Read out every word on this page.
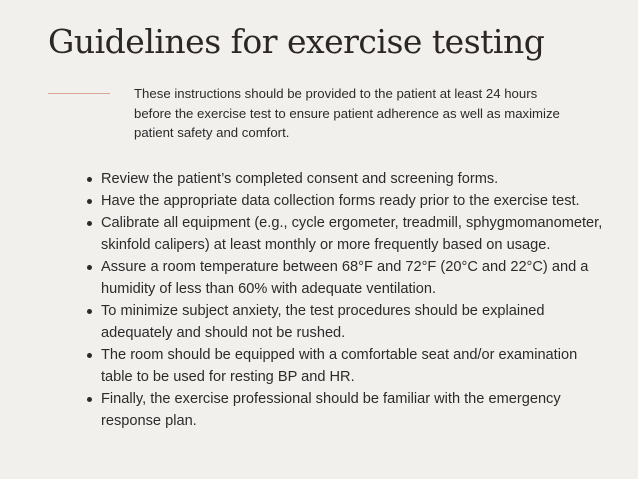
Guidelines for exercise testing

These instructions should be provided to the patient at least 24 hours before the exercise test to ensure patient adherence as well as maximize patient safety and comfort.

Review the patient’s completed consent and screening forms.
Have the appropriate data collection forms ready prior to the exercise test.
Calibrate all equipment (e.g., cycle ergometer, treadmill, sphygmomanometer, skinfold calipers) at least monthly or more frequently based on usage.
Assure a room temperature between 68°F and 72°F (20°C and 22°C) and a humidity of less than 60% with adequate ventilation.
To minimize subject anxiety, the test procedures should be explained adequately and should not be rushed.
The room should be equipped with a comfortable seat and/or examination table to be used for resting BP and HR.
Finally, the exercise professional should be familiar with the emergency response plan.
